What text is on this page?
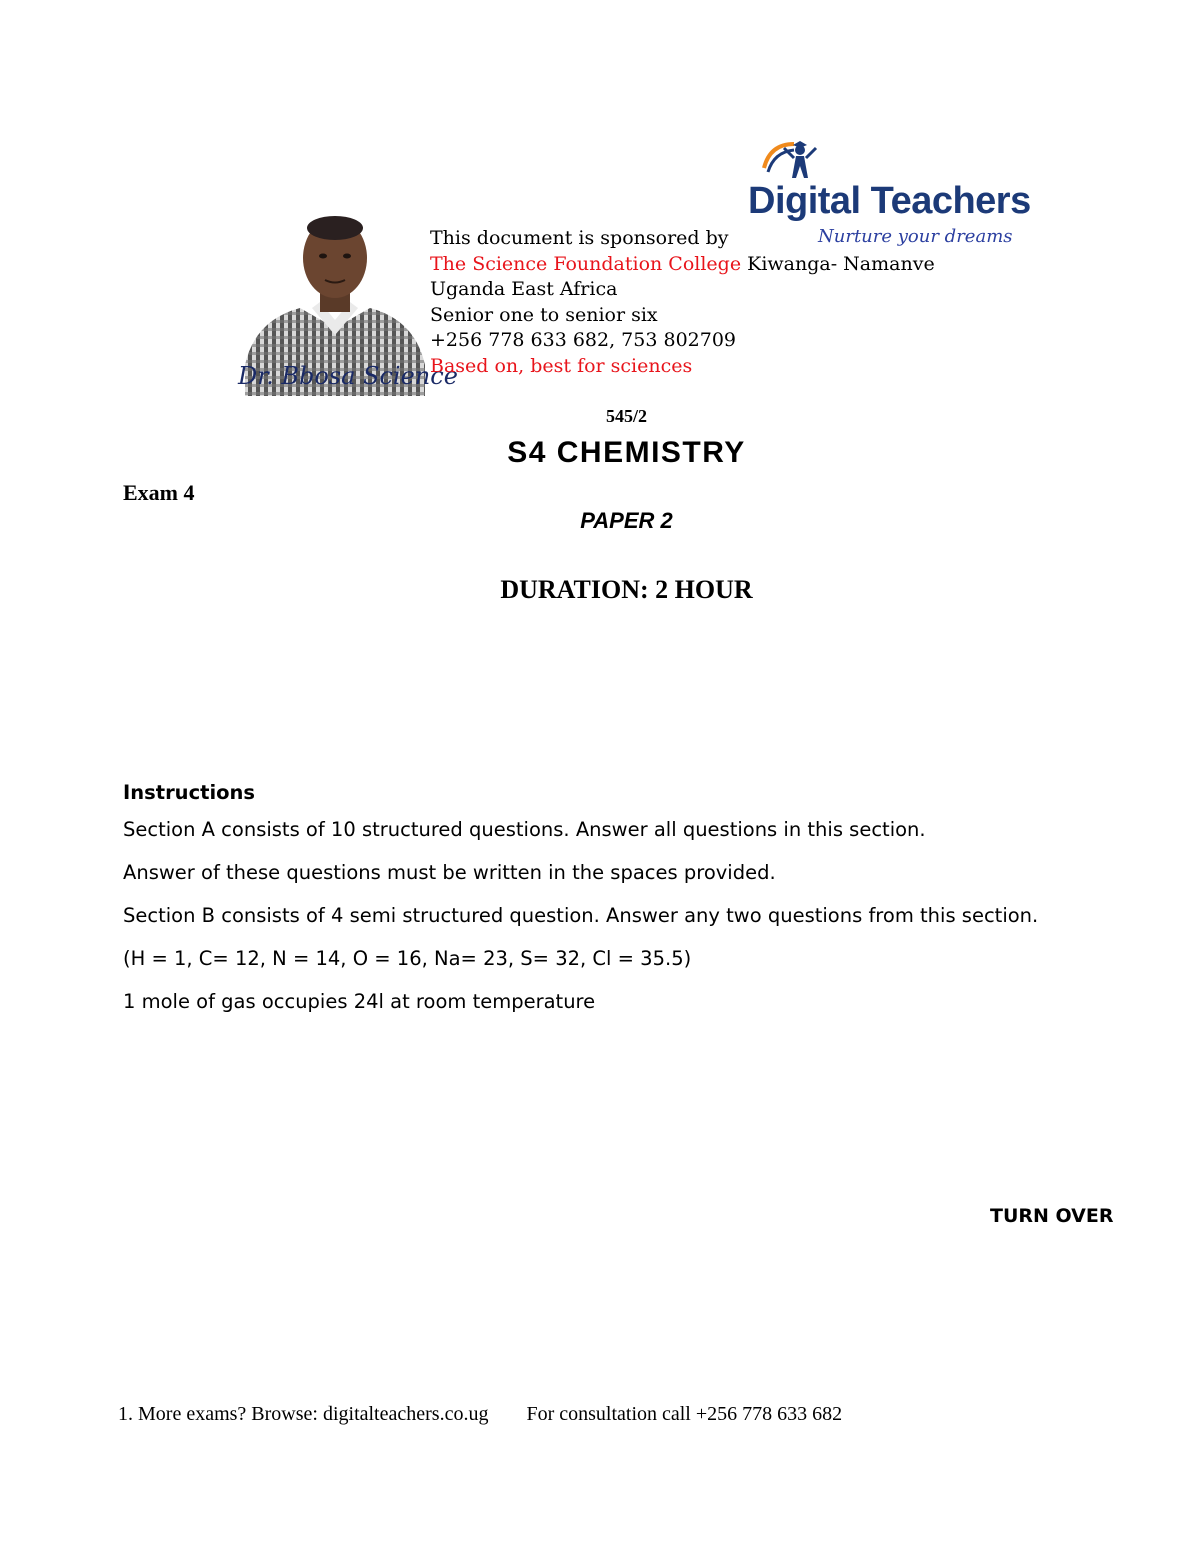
Dr. Bbosa Science
Digital Teachers
Nurture your dreams
This document is sponsored by
The Science Foundation College Kiwanga- Namanve
Uganda East Africa
Senior one to senior six
+256 778 633 682, 753 802709
Based on, best for sciences
545/2
S4 CHEMISTRY
Exam 4
PAPER 2
DURATION: 2 HOUR
Instructions
Section A consists of 10 structured questions. Answer all questions in this section.
Answer of these questions must be written in the spaces provided.
Section B consists of 4 semi structured question. Answer any two questions from this section.
(H = 1, C= 12, N = 14, O = 16, Na= 23, S= 32, Cl = 35.5)
1 mole of gas occupies 24l at room temperature
TURN OVER
1. More exams? Browse: digitalteachers.co.ug For consultation call +256 778 633 682
